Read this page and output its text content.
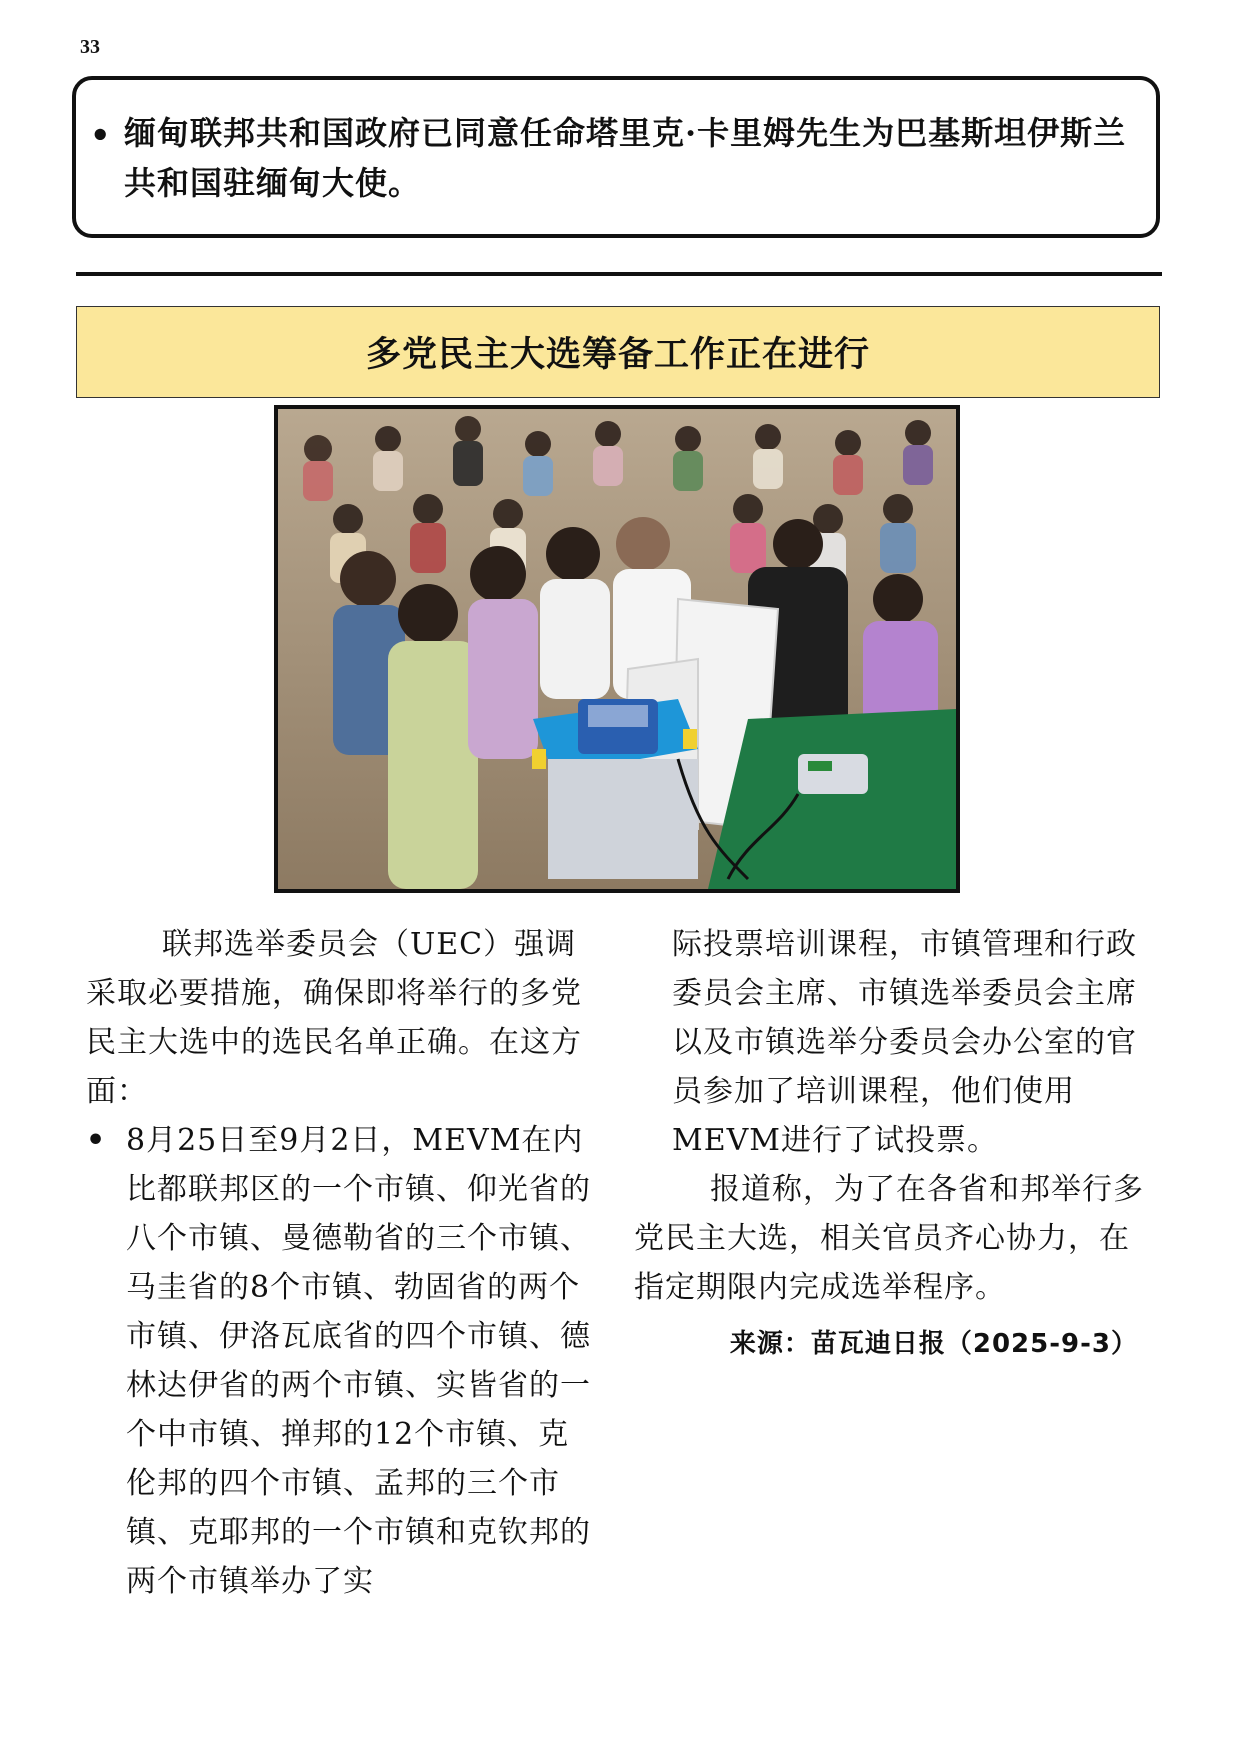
33
• 缅甸联邦共和国政府已同意任命塔里克·卡里姆先生为巴基斯坦伊斯兰共和国驻缅甸大使。
多党民主大选筹备工作正在进行

联邦选举委员会（UEC）强调采取必要措施，确保即将举行的多党民主大选中的选民名单正确。在这方面：

• 8月25日至9月2日，MEVM在内比都联邦区的一个市镇、仰光省的八个市镇、曼德勒省的三个市镇、马圭省的8个市镇、勃固省的两个市镇、伊洛瓦底省的四个市镇、德林达伊省的两个市镇、实皆省的一个中市镇、掸邦的12个市镇、克伦邦的四个市镇、孟邦的三个市镇、克耶邦的一个市镇和克钦邦的两个市镇举办了实

际投票培训课程，市镇管理和行政委员会主席、市镇选举委员会主席以及市镇选举分委员会办公室的官员参加了培训课程，他们使用MEVM进行了试投票。

报道称，为了在各省和邦举行多党民主大选，相关官员齐心协力，在指定期限内完成选举程序。

来源：苗瓦迪日报（2025-9-3）
